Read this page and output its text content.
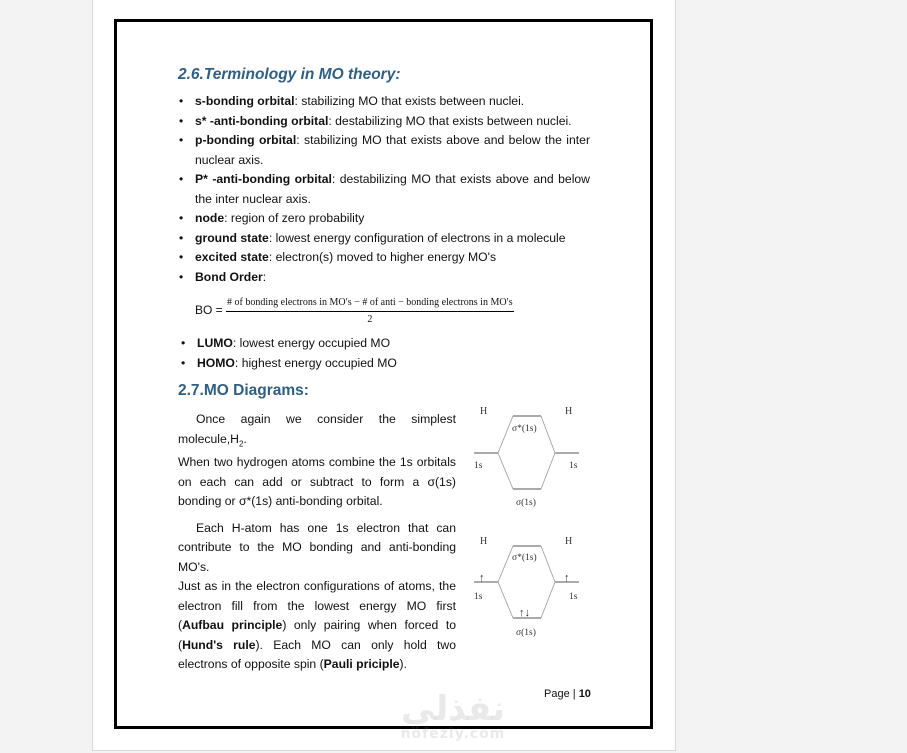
2.6.Terminology in MO theory:
• s-bonding orbital: stabilizing MO that exists between nuclei.
• s* -anti-bonding orbital: destabilizing MO that exists between nuclei.
• p-bonding orbital: stabilizing MO that exists above and below the inter nuclear axis.
• P* -anti-bonding orbital: destabilizing MO that exists above and below the inter nuclear axis.
• node: region of zero probability
• ground state: lowest energy configuration of electrons in a molecule
• excited state: electron(s) moved to higher energy MO's
• Bond Order:
BO =
# of bonding electrons in MO′s − # of anti − bonding electrons in MO′s
2
• LUMO: lowest energy occupied MO
• HOMO: highest energy occupied MO
2.7.MO Diagrams:

Once again we consider the simplest $molecule,H_2$.

When two hydrogen atoms combine the 1s orbitals on each can add or subtract to form a σ(1s) bonding or σ*(1s) anti-bonding orbital.

Each H-atom has one 1s electron that can contribute to the MO bonding and anti-bonding MO's.

Just as in the electron configurations of atoms, the electron fill from the lowest energy MO first (Aufbau principle) only pairing when forced to (Hund's rule). Each MO can only hold two electrons of opposite spin (Pauli priciple).

H	H
σ*(1s)
1s	1s
σ(1s)
H	H
σ*(1s)
↑	↑
1s	1s
↑↓
σ(1s)
Page | 10
نفذلي
nofezly.com
